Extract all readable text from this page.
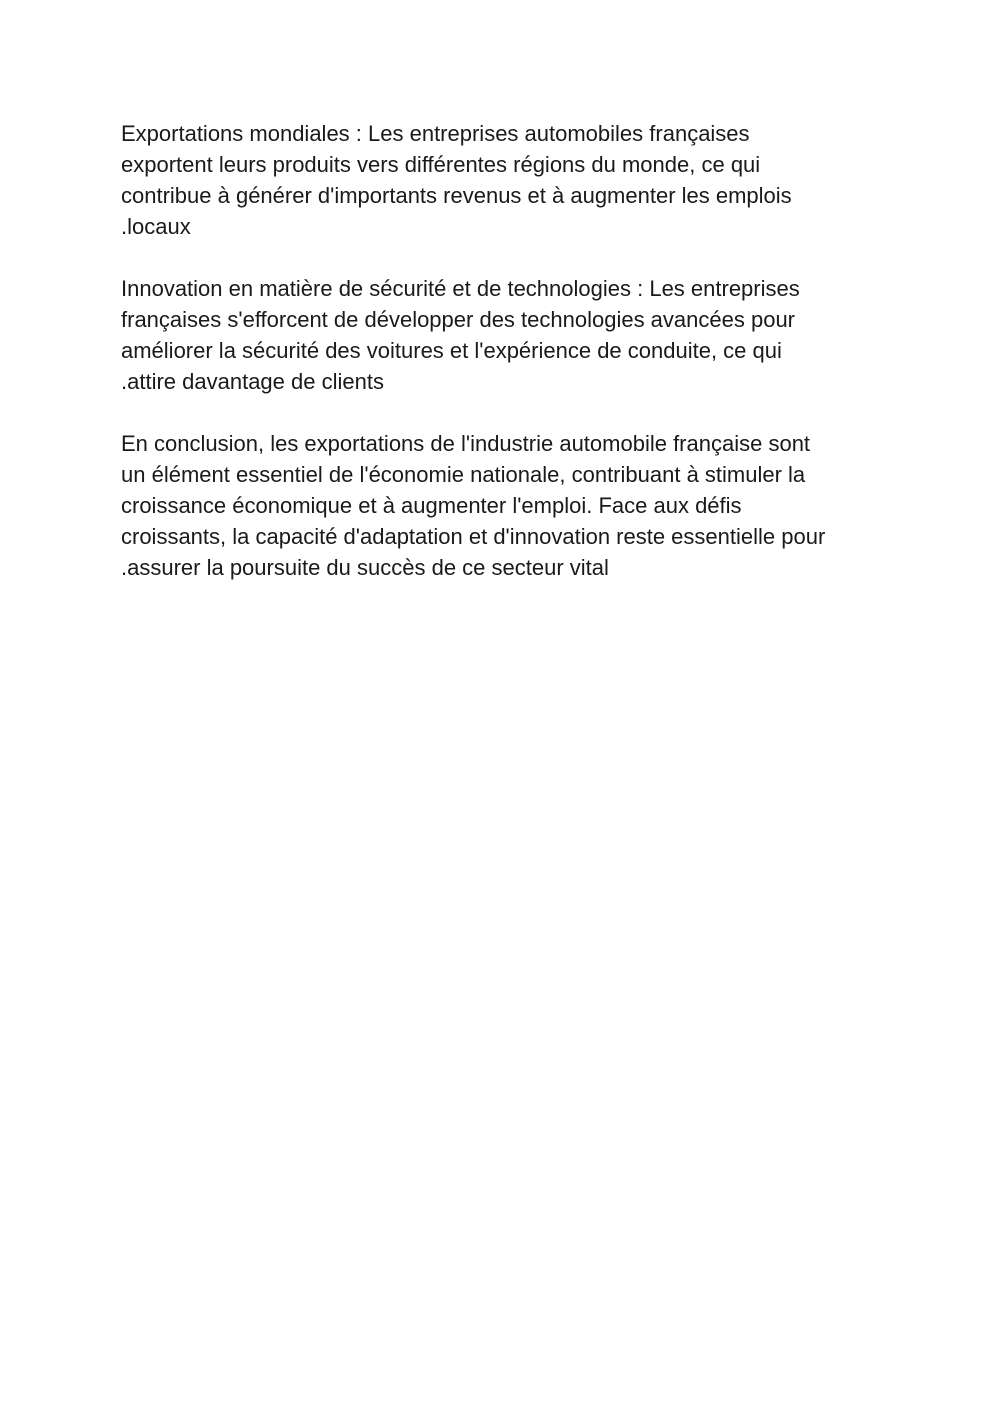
Exportations mondiales : Les entreprises automobiles françaises
exportent leurs produits vers différentes régions du monde, ce qui
contribue à générer d'importants revenus et à augmenter les emplois
.locaux

Innovation en matière de sécurité et de technologies : Les entreprises
françaises s'efforcent de développer des technologies avancées pour
améliorer la sécurité des voitures et l'expérience de conduite, ce qui
.attire davantage de clients

En conclusion, les exportations de l'industrie automobile française sont
un élément essentiel de l'économie nationale, contribuant à stimuler la
croissance économique et à augmenter l'emploi. Face aux défis
croissants, la capacité d'adaptation et d'innovation reste essentielle pour
.assurer la poursuite du succès de ce secteur vital
